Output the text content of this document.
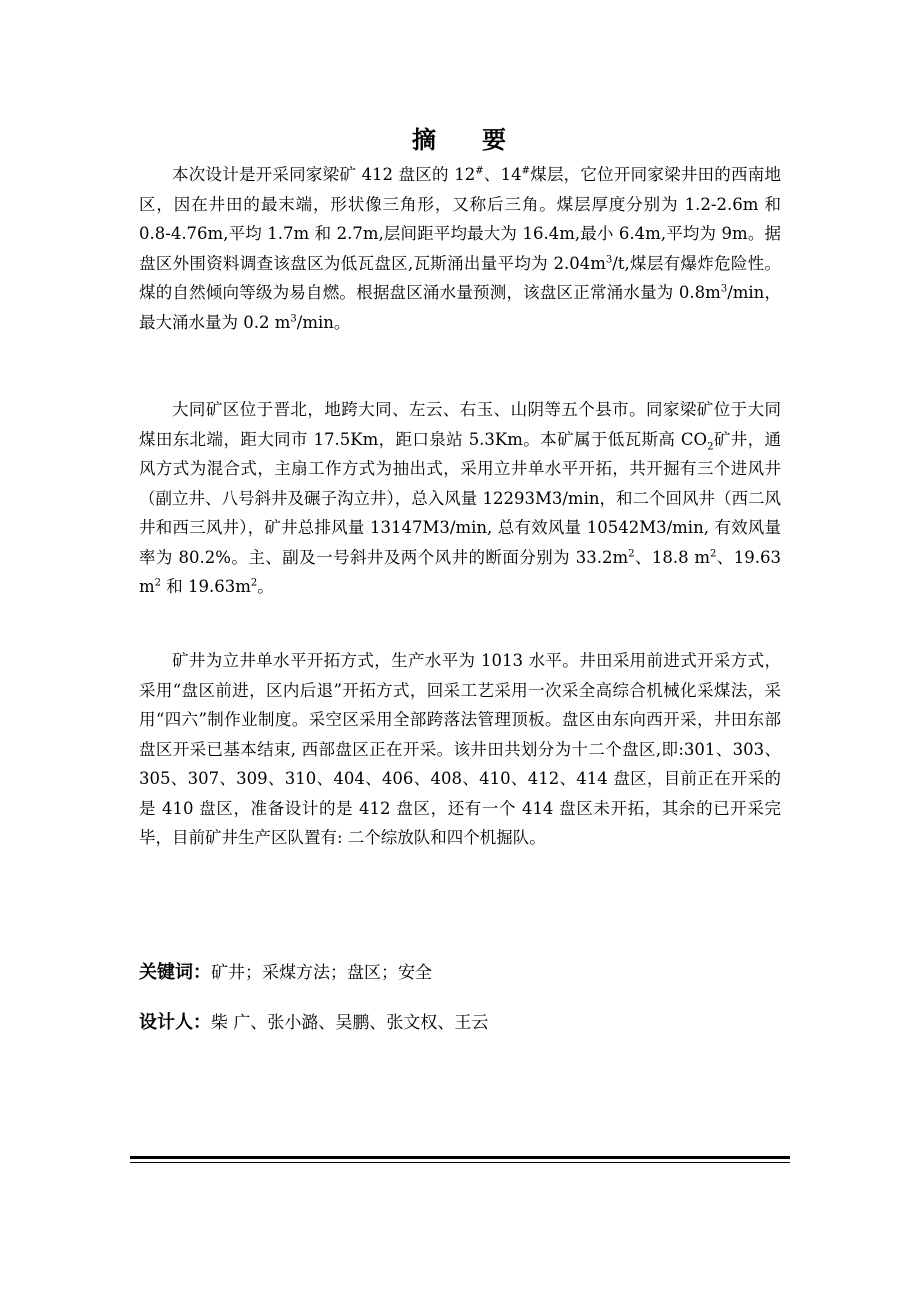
摘 要

本次设计是开采同家梁矿 412 盘区的 12#、14#煤层，它位开同家梁井田的西南地区，因在井田的最末端，形状像三角形，又称后三角。煤层厚度分别为 1.2-2.6m 和 0.8-4.76m,平均 1.7m 和 2.7m,层间距平均最大为 16.4m,最小 6.4m,平均为 9m。据盘区外围资料调查该盘区为低瓦盘区,瓦斯涌出量平均为 $2.04m^3/t$,煤层有爆炸危险性。煤的自然倾向等级为易自燃。根据盘区涌水量预测，该盘区正常涌水量为 $0.8m^3/\min$，最大涌水量为 0.2 $m^3/\min$。

大同矿区位于晋北，地跨大同、左云、右玉、山阴等五个县市。同家梁矿位于大同煤田东北端，距大同市 17.5Km，距口泉站 5.3Km。本矿属于低瓦斯高 $CO_2$矿井，通风方式为混合式，主扇工作方式为抽出式，采用立井单水平开拓，共开掘有三个进风井（副立井、八号斜井及碾子沟立井），总入风量 12293M3/min，和二个回风井（西二风井和西三风井），矿井总排风量 13147M3/min, 总有效风量 10542M3/min, 有效风量率为 80.2%。主、副及一号斜井及两个风井的断面分别为 $33.2m^2$、18.8 $m^2$、19.63 $m^2$ 和 $19.63m^2$。

矿井为立井单水平开拓方式，生产水平为 1013 水平。井田采用前进式开采方式，采用“盘区前进，区内后退”开拓方式，回采工艺采用一次采全高综合机械化采煤法，采用“四六”制作业制度。采空区采用全部跨落法管理顶板。盘区由东向西开采，井田东部盘区开采已基本结束, 西部盘区正在开采。该井田共划分为十二个盘区,即:301、303、305、307、309、310、404、406、408、410、412、414 盘区，目前正在开采的是 410 盘区，准备设计的是 412 盘区，还有一个 414 盘区未开拓，其余的已开采完毕，目前矿井生产区队置有: 二个综放队和四个机掘队。

关键词：矿井；采煤方法；盘区；安全

设计人：柴 广、张小潞、吴鹏、张文权、王云
